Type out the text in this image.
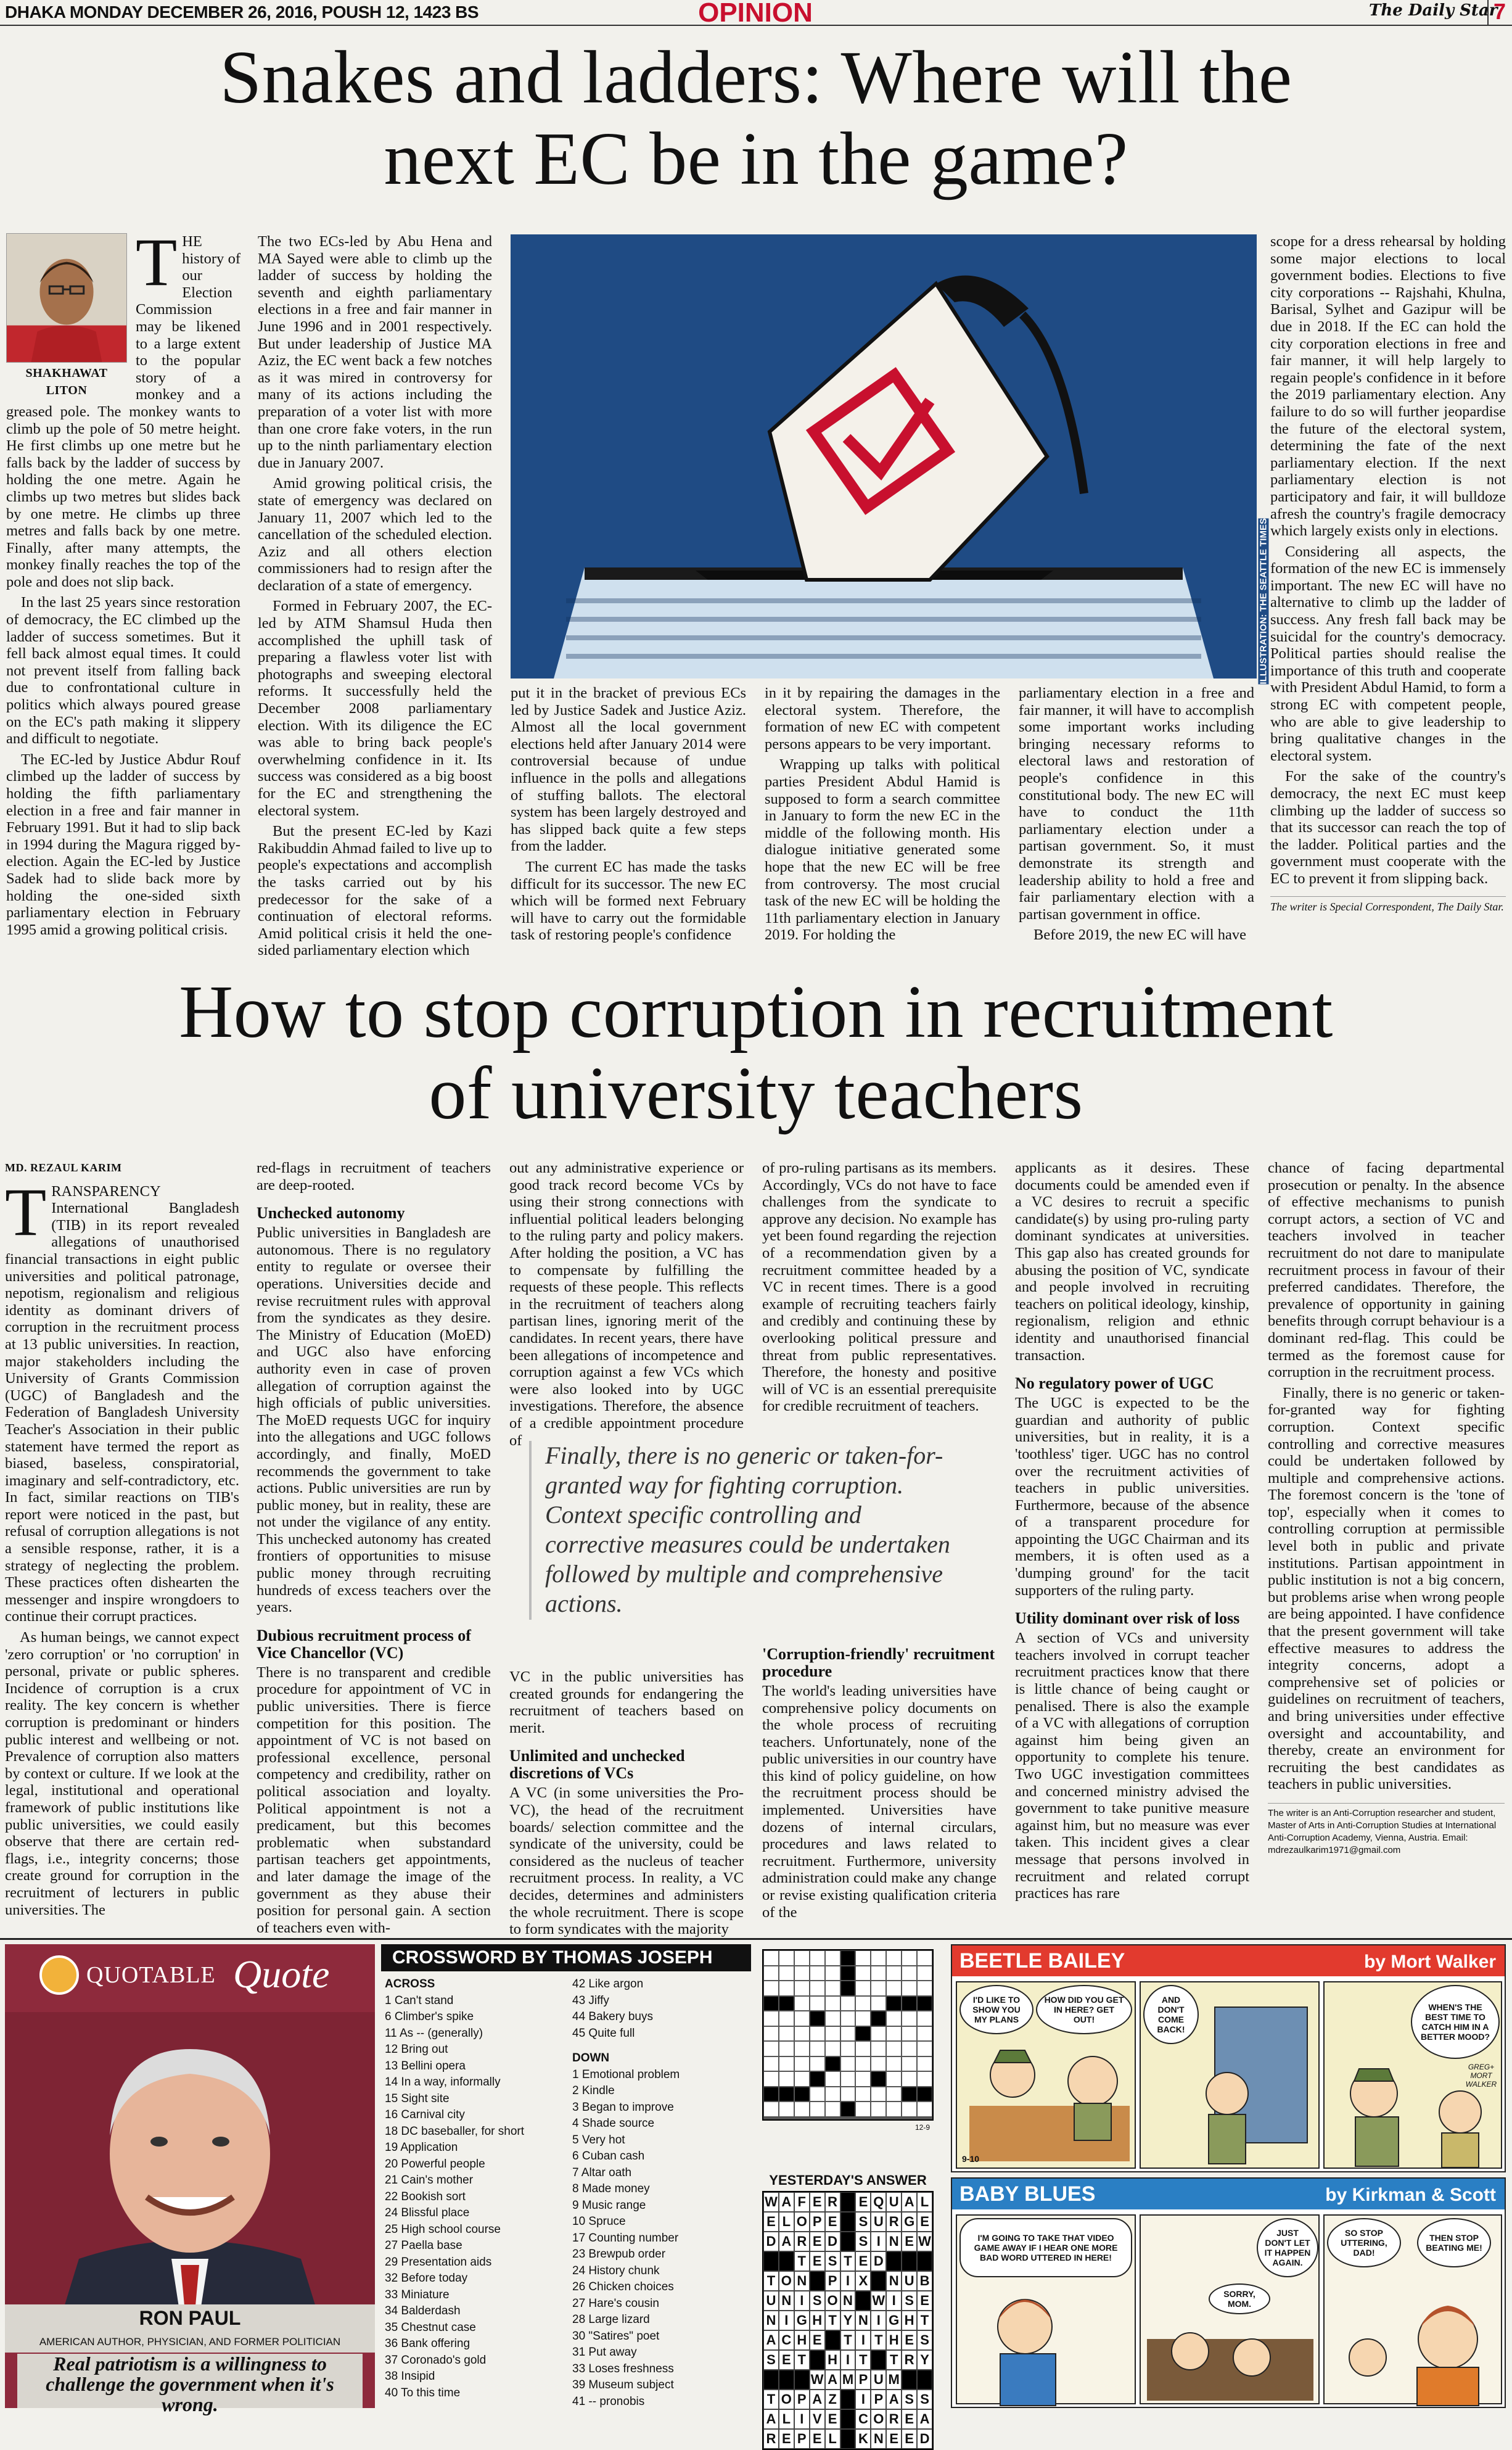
DHAKA MONDAY DECEMBER 26, 2016, POUSH 12, 1423 BS	OPINION	The Daily Star
7
Snakes and ladders: Where will the
next EC be in the game?
SHAKHAWAT LITON
T HE history of our Election Commission may be likened to a large extent to the popular story of a monkey and a greased pole. The monkey wants to climb up the pole of 50 metre height. He first climbs up one metre but he falls back by the ladder of success by holding the one metre. Again he climbs up two metres but slides back by one metre. He climbs up three metres and falls back by one metre. Finally, after many attempts, the monkey finally reaches the top of the pole and does not slip back.

In the last 25 years since restoration of democracy, the EC climbed up the ladder of success sometimes. But it fell back almost equal times. It could not prevent itself from falling back due to confrontational culture in politics which always poured grease on the EC's path making it slippery and difficult to negotiate.

The EC-led by Justice Abdur Rouf climbed up the ladder of success by holding the fifth parliamentary election in a free and fair manner in February 1991. But it had to slip back in 1994 during the Magura rigged by-election. Again the EC-led by Justice Sadek had to slide back more by holding the one-sided sixth parliamentary election in February 1995 amid a growing political crisis.

The two ECs-led by Abu Hena and MA Sayed were able to climb up the ladder of success by holding the seventh and eighth parliamentary elections in a free and fair manner in June 1996 and in 2001 respectively. But under leadership of Justice MA Aziz, the EC went back a few notches as it was mired in controversy for many of its actions including the preparation of a voter list with more than one crore fake voters, in the run up to the ninth parliamentary election due in January 2007.

Amid growing political crisis, the state of emergency was declared on January 11, 2007 which led to the cancellation of the scheduled election. Aziz and all others election commissioners had to resign after the declaration of a state of emergency.

Formed in February 2007, the EC-led by ATM Shamsul Huda then accomplished the uphill task of preparing a flawless voter list with photographs and sweeping electoral reforms. It successfully held the December 2008 parliamentary election. With its diligence the EC was able to bring back people's overwhelming confidence in it. Its success was considered as a big boost for the EC and strengthening the electoral system.

But the present EC-led by Kazi Rakibuddin Ahmad failed to live up to people's expectations and accomplish the tasks carried out by his predecessor for the sake of a continuation of electoral reforms. Amid political crisis it held the one-sided parliamentary election which

ILLUSTRATION: THE SEATTLE TIMES

put it in the bracket of previous ECs led by Justice Sadek and Justice Aziz. Almost all the local government elections held after January 2014 were controversial because of undue influence in the polls and allegations of stuffing ballots. The electoral system has been largely destroyed and has slipped back quite a few steps from the ladder.

The current EC has made the tasks difficult for its successor. The new EC which will be formed next February will have to carry out the formidable task of restoring people's confidence

in it by repairing the damages in the electoral system. Therefore, the formation of new EC with competent persons appears to be very important.

Wrapping up talks with political parties President Abdul Hamid is supposed to form a search committee in January to form the new EC in the middle of the following month. His dialogue initiative generated some hope that the new EC will be free from controversy. The most crucial task of the new EC will be holding the 11th parliamentary election in January 2019. For holding the

parliamentary election in a free and fair manner, it will have to accomplish some important works including bringing necessary reforms to electoral laws and restoration of people's confidence in this constitutional body. The new EC will have to conduct the 11th parliamentary election under a partisan government. So, it must demonstrate its strength and leadership ability to hold a free and fair parliamentary election with a partisan government in office.

Before 2019, the new EC will have

scope for a dress rehearsal by holding some major elections to local government bodies. Elections to five city corporations -- Rajshahi, Khulna, Barisal, Sylhet and Gazipur will be due in 2018. If the EC can hold the city corporation elections in free and fair manner, it will help largely to regain people's confidence in it before the 2019 parliamentary election. Any failure to do so will further jeopardise the future of the electoral system, determining the fate of the next parliamentary election. If the next parliamentary election is not participatory and fair, it will bulldoze afresh the country's fragile democracy which largely exists only in elections.

Considering all aspects, the formation of the new EC is immensely important. The new EC will have no alternative to climb up the ladder of success. Any fresh fall back may be suicidal for the country's democracy. Political parties should realise the importance of this truth and cooperate with President Abdul Hamid, to form a strong EC with competent people, who are able to give leadership to bring qualitative changes in the electoral system.

For the sake of the country's democracy, the next EC must keep climbing up the ladder of success so that its successor can reach the top of the ladder. Political parties and the government must cooperate with the EC to prevent it from slipping back.

The writer is Special Correspondent, The Daily Star.
How to stop corruption in recruitment
of university teachers
MD. REZAUL KARIM
T RANSPARENCY International Bangladesh (TIB) in its report revealed allegations of unauthorised financial transactions in eight public universities and political patronage, nepotism, regionalism and religious identity as dominant drivers of corruption in the recruitment process at 13 public universities. In reaction, major stakeholders including the University of Grants Commission (UGC) of Bangladesh and the Federation of Bangladesh University Teacher's Association in their public statement have termed the report as biased, baseless, conspiratorial, imaginary and self-contradictory, etc. In fact, similar reactions on TIB's report were noticed in the past, but refusal of corruption allegations is not a sensible response, rather, it is a strategy of neglecting the problem. These practices often dishearten the messenger and inspire wrongdoers to continue their corrupt practices.

As human beings, we cannot expect 'zero corruption' or 'no corruption' in personal, private or public spheres. Incidence of corruption is a crux reality. The key concern is whether corruption is predominant or hinders public interest and wellbeing or not. Prevalence of corruption also matters by context or culture. If we look at the legal, institutional and operational framework of public institutions like public universities, we could easily observe that there are certain red-flags, i.e., integrity concerns; those create ground for corruption in the recruitment of lecturers in public universities. The

red-flags in recruitment of teachers are deep-rooted.

Unchecked autonomy

Public universities in Bangladesh are autonomous. There is no regulatory entity to regulate or oversee their operations. Universities decide and revise recruitment rules with approval from the syndicates as they desire. The Ministry of Education (MoED) and UGC also have enforcing authority even in case of proven allegation of corruption against the high officials of public universities. The MoED requests UGC for inquiry into the allegations and UGC follows accordingly, and finally, MoED recommends the government to take actions. Public universities are run by public money, but in reality, these are not under the vigilance of any entity. This unchecked autonomy has created frontiers of opportunities to misuse public money through recruiting hundreds of excess teachers over the years.

Dubious recruitment process of Vice Chancellor (VC)

There is no transparent and credible procedure for appointment of VC in public universities. There is fierce competition for this position. The appointment of VC is not based on professional excellence, personal competency and credibility, rather on political association and loyalty. Political appointment is not a predicament, but this becomes problematic when substandard partisan teachers get appointments, and later damage the image of the government as they abuse their position for personal gain. A section of teachers even with-

out any administrative experience or good track record become VCs by using their strong connections with influential political leaders belonging to the ruling party and policy makers. After holding the position, a VC has to compensate by fulfilling the requests of these people. This reflects in the recruitment of teachers along partisan lines, ignoring merit of the candidates. In recent years, there have been allegations of incompetence and corruption against a few VCs which were also looked into by UGC investigations. Therefore, the absence of a credible appointment procedure of

VC in the public universities has created grounds for endangering the recruitment of teachers based on merit.

Unlimited and unchecked discretions of VCs

A VC (in some universities the Pro-VC), the head of the recruitment boards/ selection committee and the syndicate of the university, could be considered as the nucleus of teacher recruitment process. In reality, a VC decides, determines and administers the whole recruitment. There is scope to form syndicates with the majority

of pro-ruling partisans as its members. Accordingly, VCs do not have to face challenges from the syndicate to approve any decision. No example has yet been found regarding the rejection of a recommendation given by a recruitment committee headed by a VC in recent times. There is a good example of recruiting teachers fairly and credibly and continuing these by overlooking political pressure and threat from public representatives. Therefore, the honesty and positive will of VC is an essential prerequisite for credible recruitment of teachers.

'Corruption-friendly' recruitment procedure

The world's leading universities have comprehensive policy documents on the whole process of recruiting teachers. Unfortunately, none of the public universities in our country have this kind of policy guideline, on how the recruitment process should be implemented. Universities have dozens of internal circulars, procedures and laws related to recruitment. Furthermore, university administration could make any change or revise existing qualification criteria of the

Finally, there is no generic or taken-for-granted way for fighting corruption. Context specific controlling and corrective measures could be undertaken followed by multiple and comprehensive actions.

applicants as it desires. These documents could be amended even if a VC desires to recruit a specific candidate(s) by using pro-ruling party dominant syndicates at universities. This gap also has created grounds for abusing the position of VC, syndicate and people involved in recruiting teachers on political ideology, kinship, regionalism, religion and ethnic identity and unauthorised financial transaction.

No regulatory power of UGC

The UGC is expected to be the guardian and authority of public universities, but in reality, it is a 'toothless' tiger. UGC has no control over the recruitment activities of teachers in public universities. Furthermore, because of the absence of a transparent procedure for appointing the UGC Chairman and its members, it is often used as a 'dumping ground' for the tacit supporters of the ruling party.

Utility dominant over risk of loss

A section of VCs and university teachers involved in corrupt teacher recruitment practices know that there is little chance of being caught or penalised. There is also the example of a VC with allegations of corruption against him being given an opportunity to complete his tenure. Two UGC investigation committees and concerned ministry advised the government to take punitive measure against him, but no measure was ever taken. This incident gives a clear message that persons involved in recruitment and related corrupt practices has rare

chance of facing departmental prosecution or penalty. In the absence of effective mechanisms to punish corrupt actors, a section of VC and teachers involved in teacher recruitment do not dare to manipulate recruitment process in favour of their preferred candidates. Therefore, the prevalence of opportunity in gaining benefits through corrupt behaviour is a dominant red-flag. This could be termed as the foremost cause for corruption in the recruitment process.

Finally, there is no generic or taken-for-granted way for fighting corruption. Context specific controlling and corrective measures could be undertaken followed by multiple and comprehensive actions. The foremost concern is the 'tone of top', especially when it comes to controlling corruption at permissible level both in public and private institutions. Partisan appointment in public institution is not a big concern, but problems arise when wrong people are being appointed. I have confidence that the present government will take effective measures to address the integrity concerns, adopt a comprehensive set of policies or guidelines on recruitment of teachers, and bring universities under effective oversight and accountability, and thereby, create an environment for recruiting the best candidates as teachers in public universities.

The writer is an Anti-Corruption researcher and student, Master of Arts in Anti-Corruption Studies at International Anti-Corruption Academy, Vienna, Austria. Email: mdrezaulkarim1971@gmail.com
QUOTABLE Quote
RON PAUL
AMERICAN AUTHOR, PHYSICIAN, AND FORMER POLITICIAN
Real patriotism is a willingness to challenge the government when it's wrong.
CROSSWORD BY THOMAS JOSEPH
ACROSS
1 Can't stand
6 Climber's spike
11 As -- (generally)
12 Bring out
13 Bellini opera
14 In a way, informally
15 Sight site
16 Carnival city
18 DC baseballer, for short
19 Application
20 Powerful people
21 Cain's mother
22 Bookish sort
24 Blissful place
25 High school course
27 Paella base
29 Presentation aids
32 Before today
33 Miniature
34 Balderdash
35 Chestnut case
36 Bank offering
37 Coronado's gold
38 Insipid
40 To this time
42 Like argon
43 Jiffy
44 Bakery buys
45 Quite full
DOWN
1 Emotional problem
2 Kindle
3 Began to improve
4 Shade source
5 Very hot
6 Cuban cash
7 Altar oath
8 Made money
9 Music range
10 Spruce
17 Counting number
23 Brewpub order
24 History chunk
26 Chicken choices
27 Hare's cousin
28 Large lizard
30 "Satires" poet
31 Put away
33 Loses freshness
39 Museum subject
41 -- pronobis
12-9
YESTERDAY'S ANSWER
W A F E R
E Q U A L
E L O P E
S U R G E
D A R E D
S I N E W

T E S T E D

T O N
P I X
N U B
U N I S O N
W I S E
N I G H T Y N I G H T
A C H E
T I T H E S
S E T
H I T
T R Y

W A M P U M

T O P A Z
	I P A S S
A L I V E
C O R E A
R E P E L
K N E E D
BEETLE BAILEY	by Mort Walker
I'D LIKE TO SHOW YOU MY PLANS
HOW DID YOU GET IN HERE? GET OUT!
9-10
AND DON'T COME BACK!
WHEN'S THE BEST TIME TO CATCH HIM IN A BETTER MOOD?
GREG+ MORT WALKER
BABY BLUES	by Kirkman & Scott
I'M GOING TO TAKE THAT VIDEO GAME AWAY IF I HEAR ONE MORE BAD WORD UTTERED IN HERE!
SORRY, MOM.
JUST DON'T LET IT HAPPEN AGAIN.
SO STOP UTTERING, DAD!
THEN STOP BEATING ME!
